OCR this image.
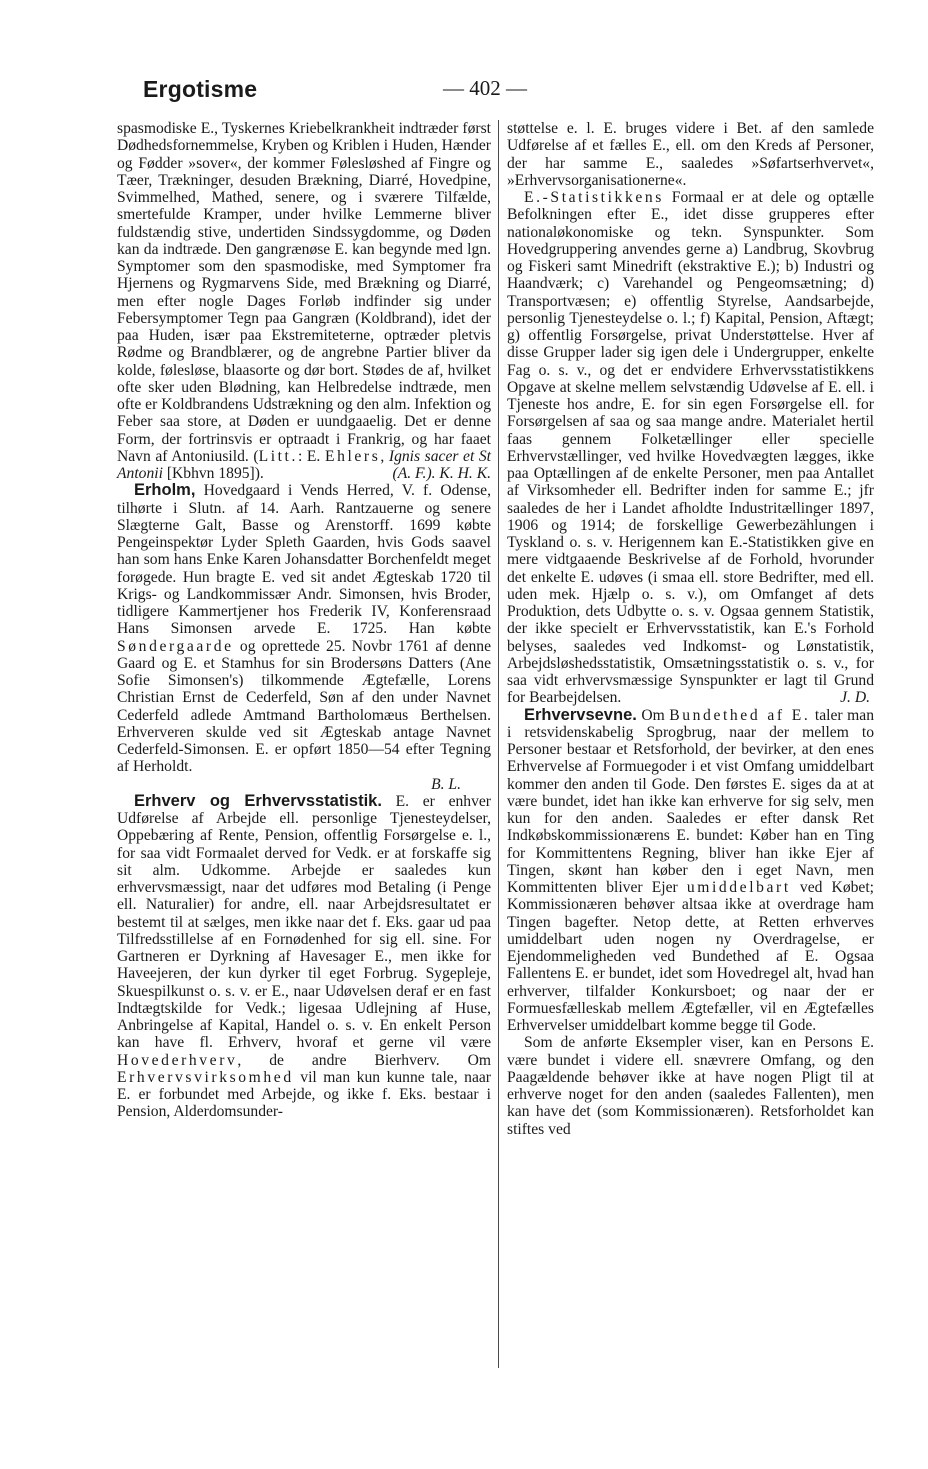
Ergotisme	— 402 —

spasmodiske E., Tyskernes Kriebelkrankheit indtræder først Dødhedsfornemmelse, Kryben og Kriblen i Huden, Hænder og Fødder »sover«, der kommer Følesløshed af Fingre og Tæer, Trækninger, desuden Brækning, Diarré, Hovedpine, Svimmelhed, Mathed, senere, og i sværere Tilfælde, smertefulde Kramper, under hvilke Lemmerne bliver fuldstændig stive, undertiden Sindssygdomme, og Døden kan da indtræde. Den gangrænøse E. kan begynde med lgn. Symptomer som den spasmodiske, med Symptomer fra Hjernens og Rygmarvens Side, med Brækning og Diarré, men efter nogle Dages Forløb indfinder sig under Febersymptomer Tegn paa Gangræn (Koldbrand), idet der paa Huden, især paa Ekstremiteterne, optræder pletvis Rødme og Brandblærer, og de angrebne Partier bliver da kolde, følesløse, blaasorte og dør bort. Stødes de af, hvilket ofte sker uden Blødning, kan Helbredelse indtræde, men ofte er Koldbrandens Udstrækning og den alm. Infektion og Feber saa store, at Døden er uundgaaelig. Det er denne Form, der fortrinsvis er optraadt i Frankrig, og har faaet Navn af Antoniusild. (Litt.: E. Ehlers, Ignis sacer et St Antonii [Kbhvn 1895]).	(A. F.). K. H. K.

Erholm, Hovedgaard i Vends Herred, V. f. Odense, tilhørte i Slutn. af 14. Aarh. Rantzauerne og senere Slægterne Galt, Basse og Arenstorff. 1699 købte Pengeinspektør Lyder Spleth Gaarden, hvis Gods saavel han som hans Enke Karen Johansdatter Borchenfeldt meget forøgede. Hun bragte E. ved sit andet Ægteskab 1720 til Krigs- og Landkommissær Andr. Simonsen, hvis Broder, tidligere Kammertjener hos Frederik IV, Konferensraad Hans Simonsen arvede E. 1725. Han købte Søndergaarde og oprettede 25. Novbr 1761 af denne Gaard og E. et Stamhus for sin Brodersøns Datters (Ane Sofie Simonsen's) tilkommende Ægtefælle, Lorens Christian Ernst de Cederfeld, Søn af den under Navnet Cederfeld adlede Amtmand Bartholomæus Berthelsen. Erhververen skulde ved sit Ægteskab antage Navnet Cederfeld-Simonsen. E. er opført 1850—54 efter Tegning af Herholdt.

B. L.

Erhverv og Erhvervsstatistik. E. er enhver Udførelse af Arbejde ell. personlige Tjenesteydelser, Oppebæring af Rente, Pension, offentlig Forsørgelse e. l., for saa vidt Formaalet derved for Vedk. er at forskaffe sig sit alm. Udkomme. Arbejde er saaledes kun erhvervsmæssigt, naar det udføres mod Betaling (i Penge ell. Naturalier) for andre, ell. naar Arbejdsresultatet er bestemt til at sælges, men ikke naar det f. Eks. gaar ud paa Tilfredsstillelse af en Fornødenhed for sig ell. sine. For Gartneren er Dyrkning af Havesager E., men ikke for Haveejeren, der kun dyrker til eget Forbrug. Sygepleje, Skuespilkunst o. s. v. er E., naar Udøvelsen deraf er en fast Indtægtskilde for Vedk.; ligesaa Udlejning af Huse, Anbringelse af Kapital, Handel o. s. v. En enkelt Person kan have fl. Erhverv, hvoraf et gerne vil være Hovederhverv, de andre Bierhverv. Om Erhvervsvirksomhed vil man kun kunne tale, naar E. er forbundet med Arbejde, og ikke f. Eks. bestaar i Pension, Alderdomsunder-

støttelse e. l. E. bruges videre i Bet. af den samlede Udførelse af et fælles E., ell. om den Kreds af Personer, der har samme E., saaledes »Søfartserhvervet«, »Erhvervsorganisationerne«.

E.-Statistikkens Formaal er at dele og optælle Befolkningen efter E., idet disse grupperes efter nationaløkonomiske og tekn. Synspunkter. Som Hovedgruppering anvendes gerne a) Landbrug, Skovbrug og Fiskeri samt Minedrift (ekstraktive E.); b) Industri og Haandværk; c) Varehandel og Pengeomsætning; d) Transportvæsen; e) offentlig Styrelse, Aandsarbejde, personlig Tjenesteydelse o. l.; f) Kapital, Pension, Aftægt; g) offentlig Forsørgelse, privat Understøttelse. Hver af disse Grupper lader sig igen dele i Undergrupper, enkelte Fag o. s. v., og det er endvidere Erhvervsstatistikkens Opgave at skelne mellem selvstændig Udøvelse af E. ell. i Tjeneste hos andre, E. for sin egen Forsørgelse ell. for Forsørgelsen af saa og saa mange andre. Materialet hertil faas gennem Folketællinger eller specielle Erhvervstællinger, ved hvilke Hovedvægten lægges, ikke paa Optællingen af de enkelte Personer, men paa Antallet af Virksomheder ell. Bedrifter inden for samme E.; jfr saaledes de her i Landet afholdte Industritællinger 1897, 1906 og 1914; de forskellige Gewerbezählungen i Tyskland o. s. v. Herigennem kan E.-Statistikken give en mere vidtgaaende Beskrivelse af de Forhold, hvorunder det enkelte E. udøves (i smaa ell. store Bedrifter, med ell. uden mek. Hjælp o. s. v.), om Omfanget af dets Produktion, dets Udbytte o. s. v. Ogsaa gennem Statistik, der ikke specielt er Erhvervsstatistik, kan E.'s Forhold belyses, saaledes ved Indkomst- og Lønstatistik, Arbejdsløshedsstatistik, Omsætningsstatistik o. s. v., for saa vidt erhvervsmæssige Synspunkter er lagt til Grund for Bearbejdelsen.	J. D.

Erhvervsevne. Om Bundethed af E. taler man i retsvidenskabelig Sprogbrug, naar der mellem to Personer bestaar et Retsforhold, der bevirker, at den enes Erhvervelse af Formuegoder i et vist Omfang umiddelbart kommer den anden til Gode. Den førstes E. siges da at at være bundet, idet han ikke kan erhverve for sig selv, men kun for den anden. Saaledes er efter dansk Ret Indkøbskommissionærens E. bundet: Køber han en Ting for Kommittentens Regning, bliver han ikke Ejer af Tingen, skønt han køber den i eget Navn, men Kommittenten bliver Ejer umiddelbart ved Købet; Kommissionæren behøver altsaa ikke at overdrage ham Tingen bagefter. Netop dette, at Retten erhverves umiddelbart uden nogen ny Overdragelse, er Ejendommeligheden ved Bundethed af E. Ogsaa Fallentens E. er bundet, idet som Hovedregel alt, hvad han erhverver, tilfalder Konkursboet; og naar der er Formuesfælleskab mellem Ægtefæller, vil en Ægtefælles Erhvervelser umiddelbart komme begge til Gode.

Som de anførte Eksempler viser, kan en Persons E. være bundet i videre ell. snævrere Omfang, og den Paagældende behøver ikke at have nogen Pligt til at erhverve noget for den anden (saaledes Fallenten), men kan have det (som Kommissionæren). Retsforholdet kan stiftes ved
